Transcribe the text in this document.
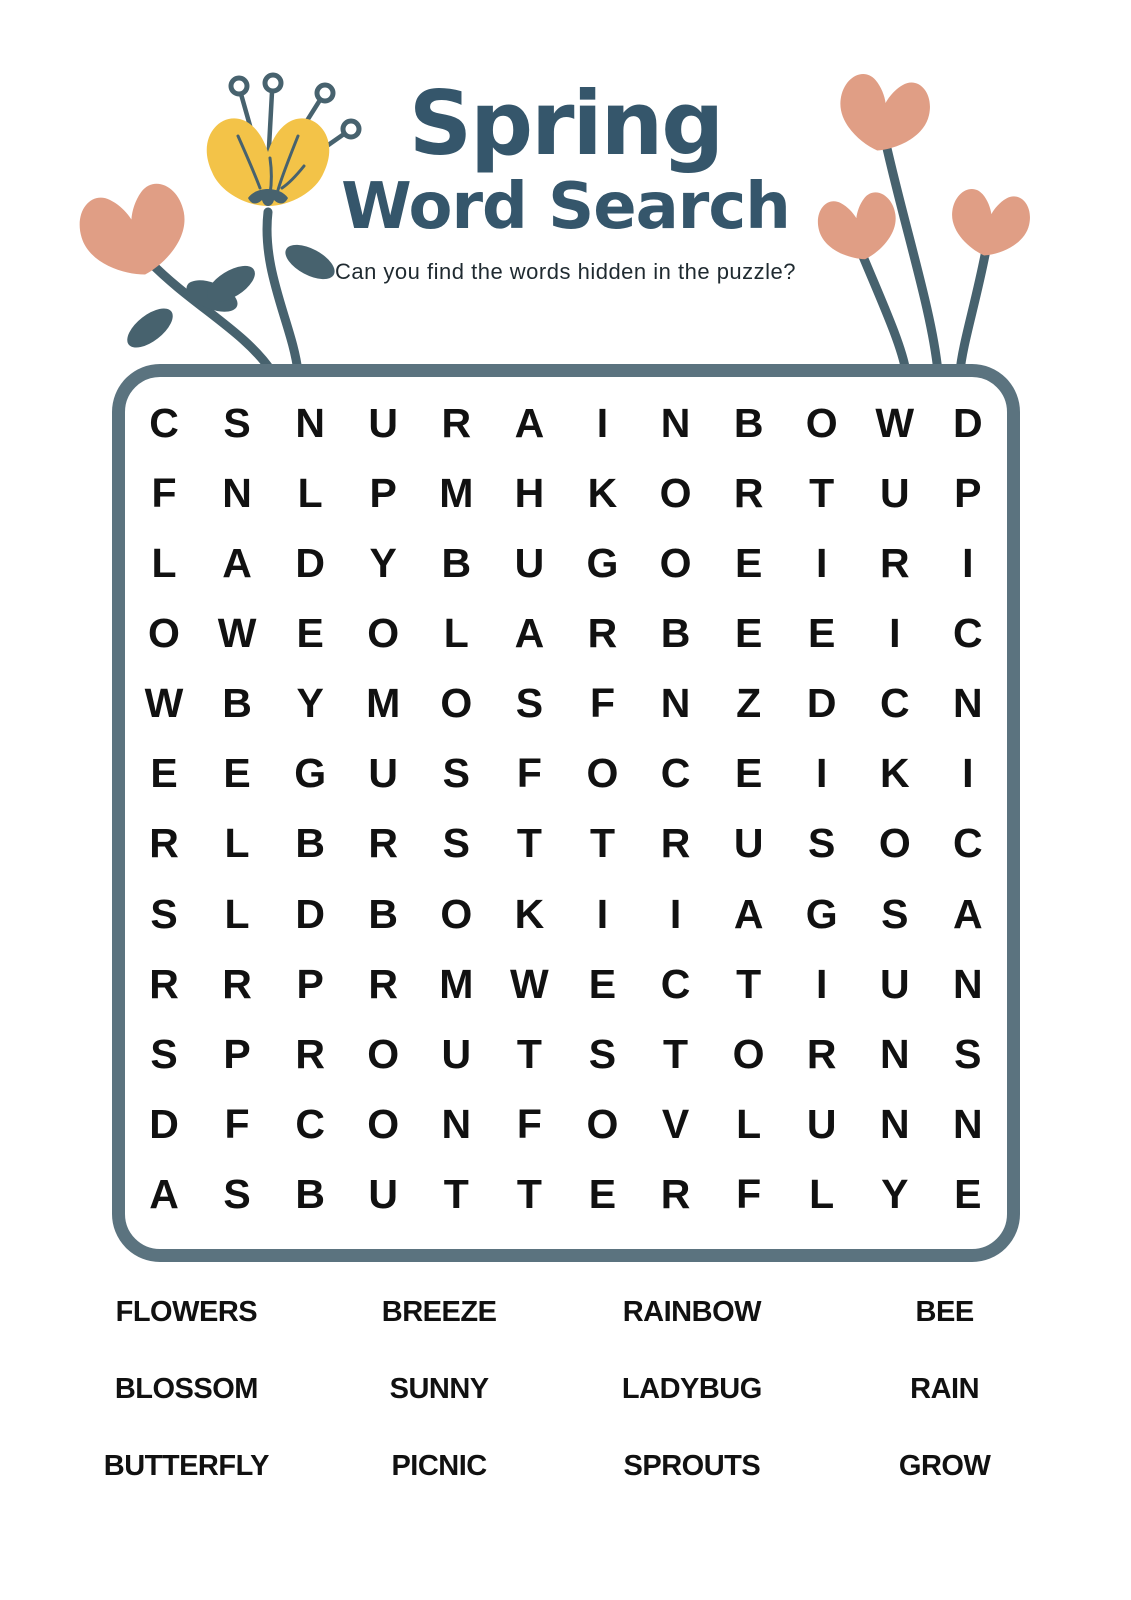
Spring
Word Search
Can you find the words hidden in the puzzle?
C S N U R A	I	N B O W D
F N L P M H K O R T U P
L A D Y B U G O E	I	R	I
O W E O L A R B E E	I	C
W B Y M O S F N Z D C N
E E G U S F O C E	I	K	I
R L B R S T T R U S O C
S L D B O K	I	I	A G S A
R R P R M W E C T	I	U N
S P R O U T S T O R N S
D F C O N F O V L U N N
A S B U T T E R F L Y E
FLOWERS	BREEZE	RAINBOW	BEE
BLOSSOM	SUNNY	LADYBUG	RAIN
BUTTERFLY	PICNIC	SPROUTS	GROW
